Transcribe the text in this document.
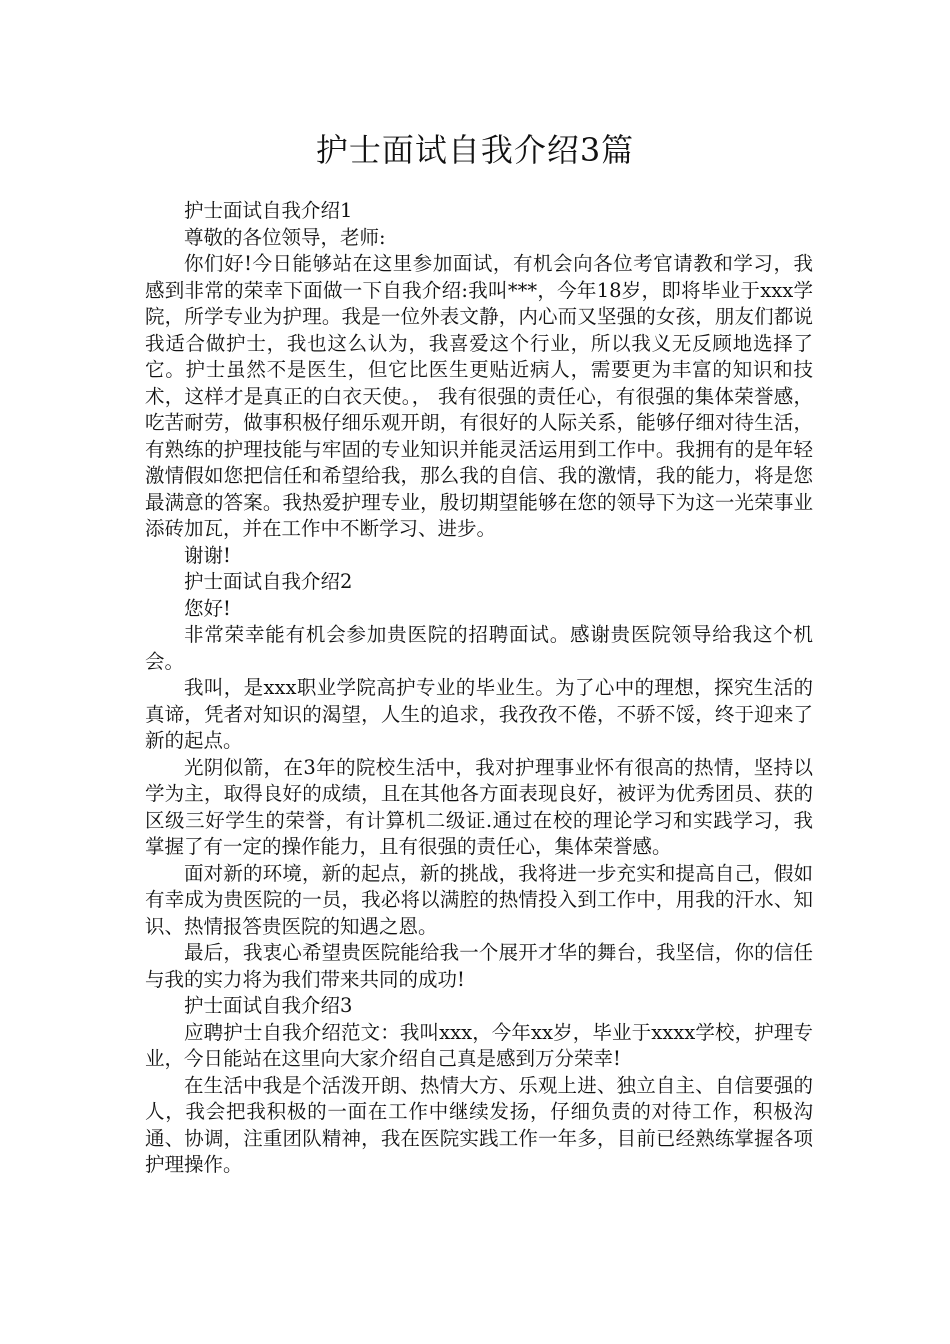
护士面试自我介绍3篇

护士面试自我介绍1

尊敬的各位领导，老师:

你们好!今日能够站在这里参加面试，有机会向各位考官请教和学习，我感到非常的荣幸下面做一下自我介绍:我叫***，今年18岁，即将毕业于xxx学院，所学专业为护理。我是一位外表文静，内心而又坚强的女孩，朋友们都说我适合做护士，我也这么认为，我喜爱这个行业，所以我义无反顾地选择了它。护士虽然不是医生，但它比医生更贴近病人，需要更为丰富的知识和技术，这样才是真正的白衣天使。， 我有很强的责任心，有很强的集体荣誉感，吃苦耐劳，做事积极仔细乐观开朗，有很好的人际关系，能够仔细对待生活，有熟练的护理技能与牢固的专业知识并能灵活运用到工作中。我拥有的是年轻激情假如您把信任和希望给我，那么我的自信、我的激情，我的能力，将是您最满意的答案。我热爱护理专业，殷切期望能够在您的领导下为这一光荣事业添砖加瓦，并在工作中不断学习、进步。

谢谢!

护士面试自我介绍2

您好!

非常荣幸能有机会参加贵医院的招聘面试。感谢贵医院领导给我这个机会。

我叫，是xxx职业学院高护专业的毕业生。为了心中的理想，探究生活的真谛，凭者对知识的渴望，人生的追求，我孜孜不倦，不骄不馁，终于迎来了新的起点。

光阴似箭，在3年的院校生活中，我对护理事业怀有很高的热情，坚持以学为主，取得良好的成绩，且在其他各方面表现良好，被评为优秀团员、获的区级三好学生的荣誉，有计算机二级证.通过在校的理论学习和实践学习，我掌握了有一定的操作能力，且有很强的责任心，集体荣誉感。

面对新的环境，新的起点，新的挑战，我将进一步充实和提高自己，假如有幸成为贵医院的一员，我必将以满腔的热情投入到工作中，用我的汗水、知识、热情报答贵医院的知遇之恩。

最后，我衷心希望贵医院能给我一个展开才华的舞台，我坚信，你的信任与我的实力将为我们带来共同的成功!

护士面试自我介绍3

应聘护士自我介绍范文：我叫xxx，今年xx岁，毕业于xxxx学校，护理专业，今日能站在这里向大家介绍自己真是感到万分荣幸!

在生活中我是个活泼开朗、热情大方、乐观上进、独立自主、自信要强的人，我会把我积极的一面在工作中继续发扬，仔细负责的对待工作，积极沟通、协调，注重团队精神，我在医院实践工作一年多，目前已经熟练掌握各项护理操作。
